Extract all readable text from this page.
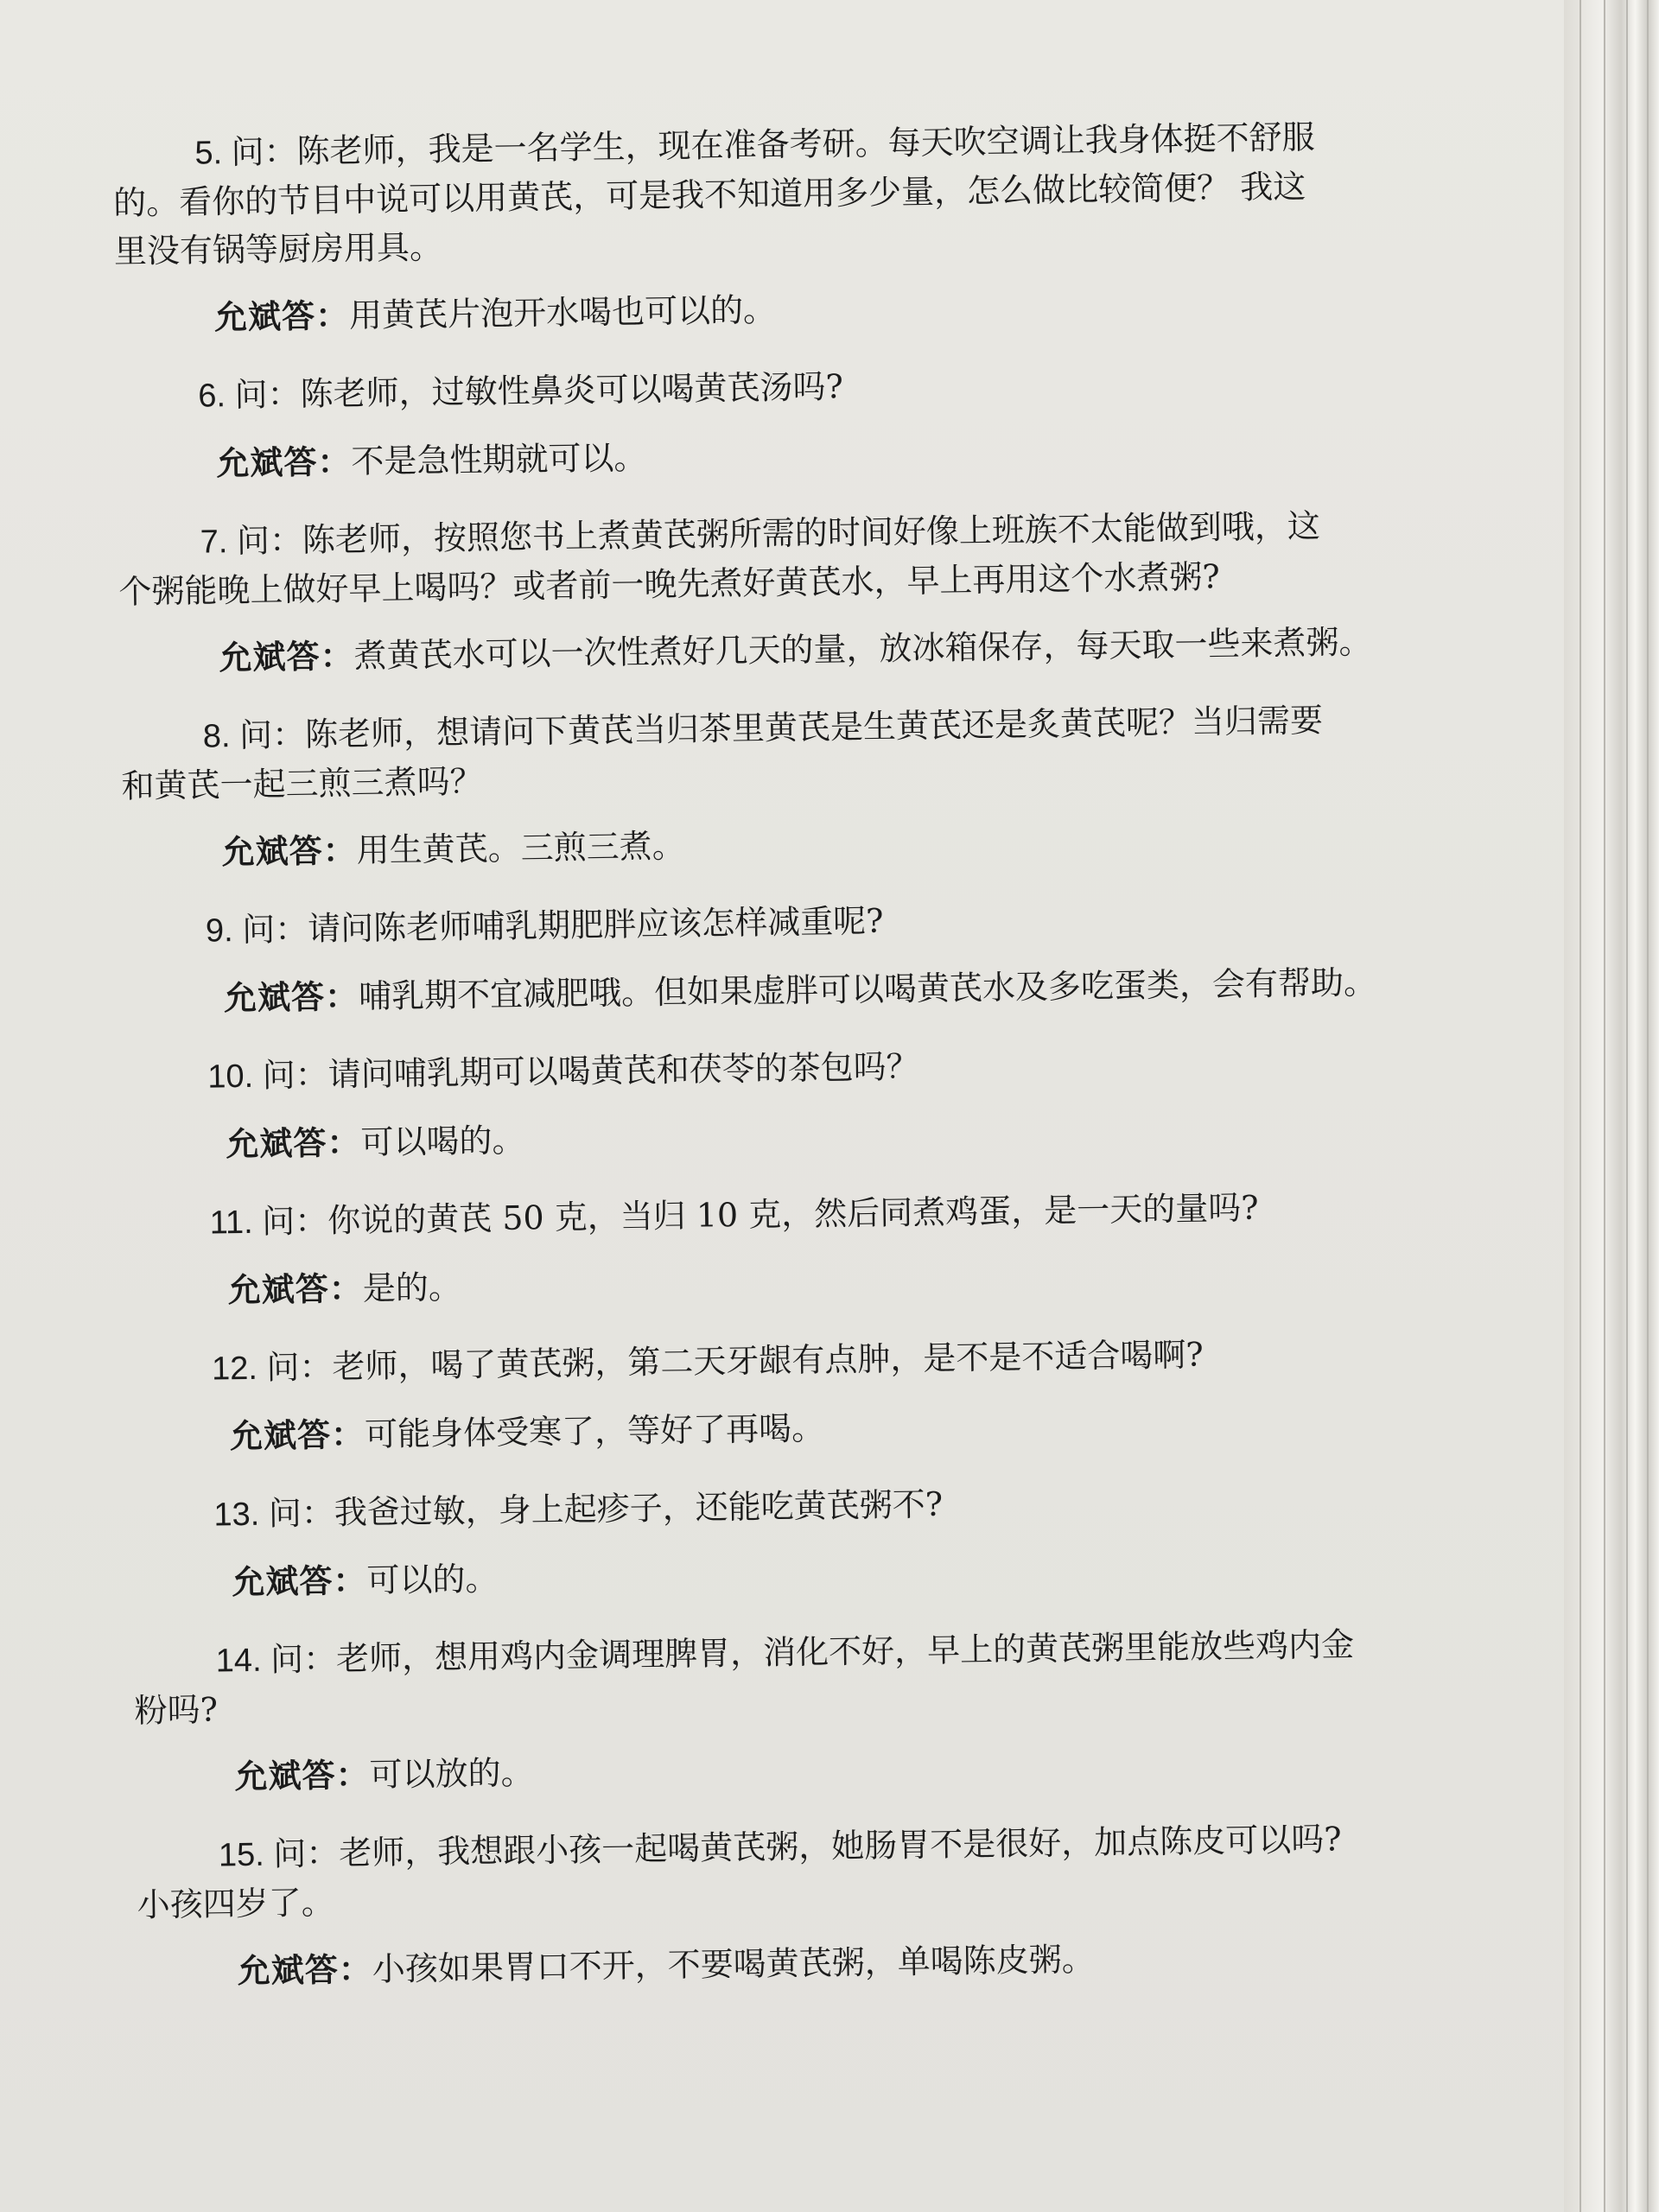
5. 问：陈老师，我是一名学生，现在准备考研。每天吹空调让我身体挺不舒服
的。看你的节目中说可以用黄芪，可是我不知道用多少量，怎么做比较简便？ 我这
里没有锅等厨房用具。
允斌答：用黄芪片泡开水喝也可以的。
6. 问：陈老师，过敏性鼻炎可以喝黄芪汤吗?
允斌答：不是急性期就可以。
7. 问：陈老师，按照您书上煮黄芪粥所需的时间好像上班族不太能做到哦，这
个粥能晚上做好早上喝吗？或者前一晚先煮好黄芪水，早上再用这个水煮粥?
允斌答：煮黄芪水可以一次性煮好几天的量，放冰箱保存，每天取一些来煮粥。
8. 问：陈老师，想请问下黄芪当归茶里黄芪是生黄芪还是炙黄芪呢？当归需要
和黄芪一起三煎三煮吗？
允斌答：用生黄芪。三煎三煮。
9. 问：请问陈老师哺乳期肥胖应该怎样减重呢?
允斌答：哺乳期不宜减肥哦。但如果虚胖可以喝黄芪水及多吃蛋类，会有帮助。
10. 问：请问哺乳期可以喝黄芪和茯苓的茶包吗？
允斌答：可以喝的。
11. 问：你说的黄芪 50 克，当归 10 克，然后同煮鸡蛋，是一天的量吗?
允斌答：是的。
12. 问：老师，喝了黄芪粥，第二天牙龈有点肿，是不是不适合喝啊?
允斌答：可能身体受寒了，等好了再喝。
13. 问：我爸过敏，身上起疹子，还能吃黄芪粥不?
允斌答：可以的。
14. 问：老师，想用鸡内金调理脾胃，消化不好，早上的黄芪粥里能放些鸡内金
粉吗?
允斌答：可以放的。
15. 问：老师，我想跟小孩一起喝黄芪粥，她肠胃不是很好，加点陈皮可以吗?
小孩四岁了。
允斌答：小孩如果胃口不开，不要喝黄芪粥，单喝陈皮粥。
